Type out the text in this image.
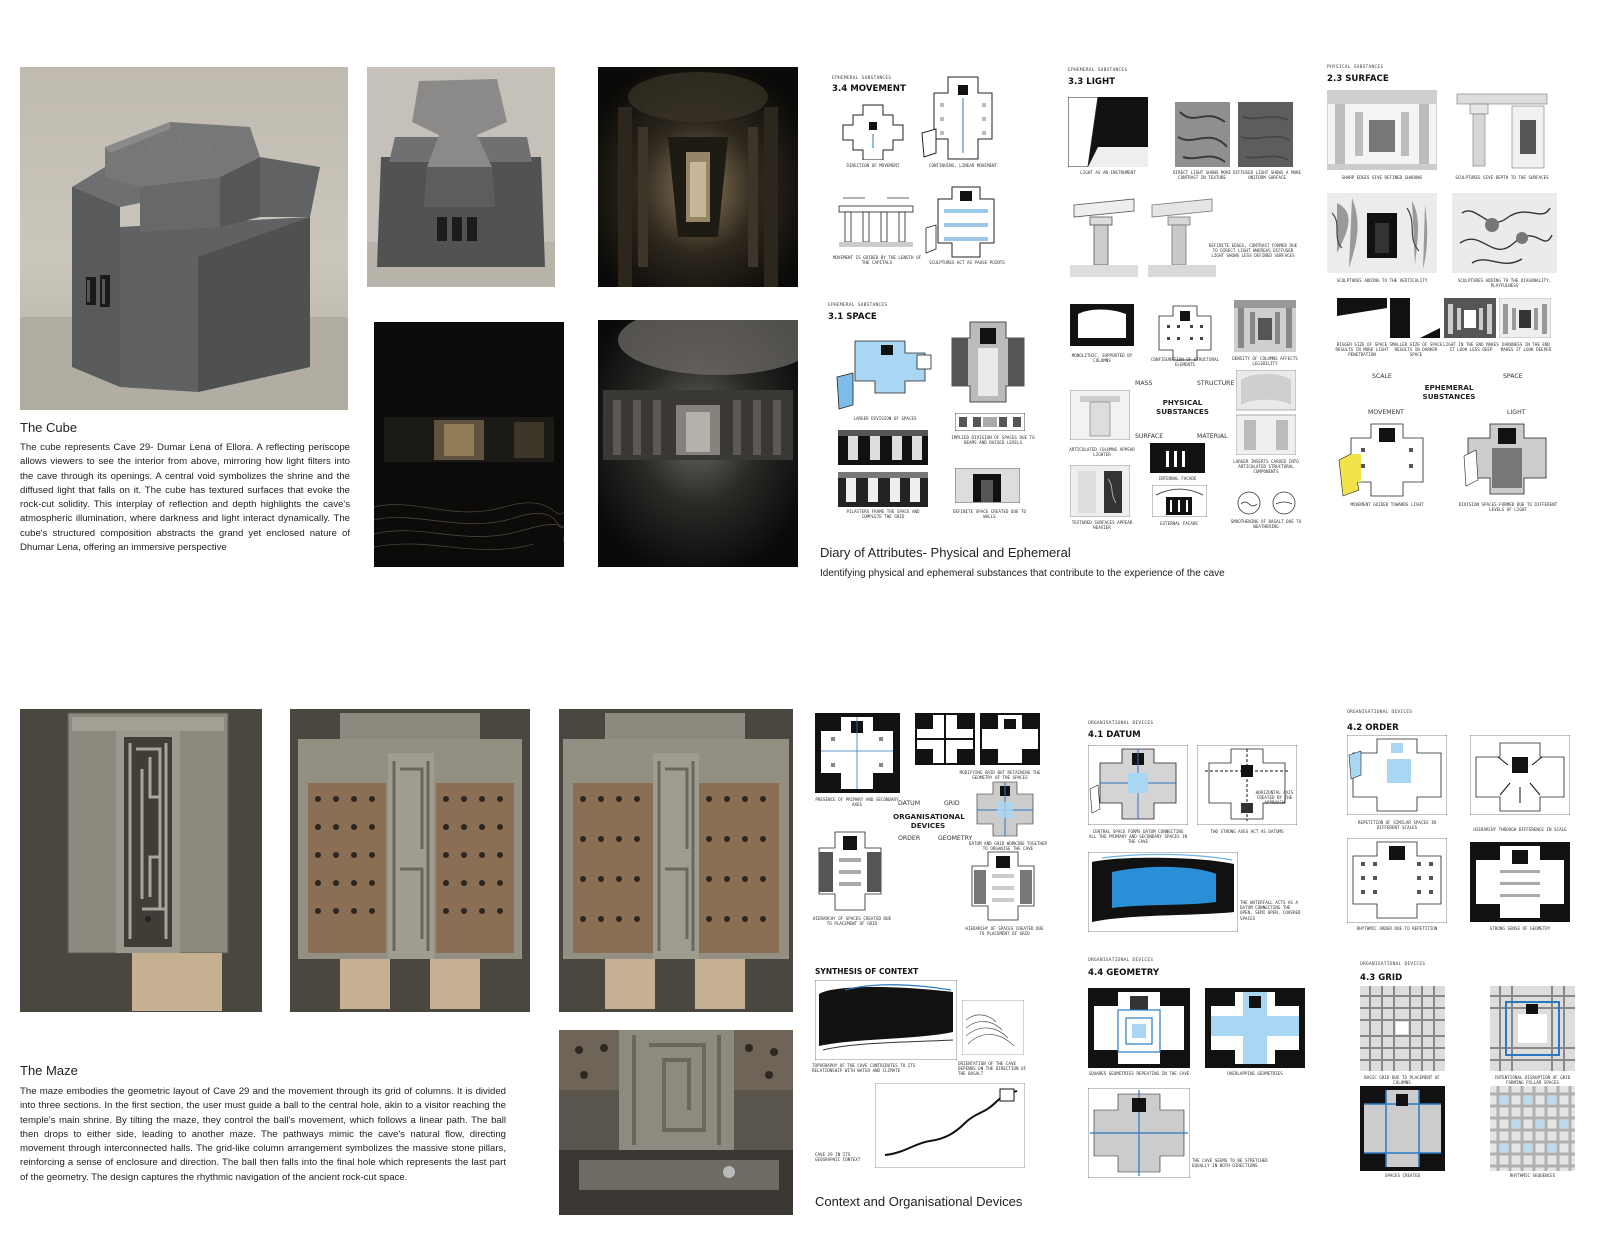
The Cube
The cube represents Cave 29- Dumar Lena of Ellora. A reflecting periscope allows viewers to see the interior from above, mirroring how light filters into the cave through its openings. A central void symbolizes the shrine and the diffused light that falls on it. The cube has textured surfaces that evoke the rock-cut solidity. This interplay of reflection and depth highlights the cave's atmospheric illumination, where darkness and light interact dynamically. The cube's structured composition abstracts the grand yet enclosed nature of Dhumar Lena, offering an immersive perspective
EPHEMERAL SUBSTANCES
3.4 MOVEMENT
DIRECTION OF MOVEMENT	CONTINUING, LINEAR MOVEMENT
MOVEMENT IS GUIDED BY THE LENGTH OF THE CAPITALS	SCULPTURES ACT AS PAUSE POINTS
EPHEMERAL SUBSTANCES
3.3 LIGHT
LIGHT AS AN INSTRUMENT	DIRECT LIGHT SHOWS MORE CONTRAST IN TEXTURE
DIFFUSED LIGHT SHOWS A MORE UNIFORM SURFACE
DEFINITE EDGES, CONTRAST FORMED DUE TO DIRECT LIGHT WHEREAS DIFFUSED LIGHT SHOWS LESS DEFINED SURFACES
PHYSICAL SUBSTANCES
2.3 SURFACE
SHARP EDGES GIVE DEFINED SHADOWS	SCULPTURES GIVE DEPTH TO THE SURFACES
SCULPTURES ADDING TO THE VERTICALITY	SCULPTURES ADDING TO THE DIAGONALITY, PLAYFULNESS
EPHEMERAL SUBSTANCES
3.1 SPACE
LARGER DIVISION OF SPACES
IMPLIED DIVISION OF SPACES DUE TO BEAMS AND RAISED LEVELS
PILASTERS FRAME THE SPACE AND COMPLETE THE GRID
DEFINITE SPACE CREATED DUE TO WALLS
MONOLITHIC, SUPPORTED BY COLUMNS	CONFIGURATION OF STRUCTURAL ELEMENTS
DENSITY OF COLUMNS AFFECTS LEGIBILITY
MASS	STRUCTURE
PHYSICAL SUBSTANCES
SURFACE	MATERIAL
ARTICULATED COLUMNS APPEAR LIGHTER
INTERNAL FACADE
LARGER INSERTS CARVED INTO ARTICULATED STRUCTURAL COMPONENTS
TEXTURED SURFACES APPEAR HEAVIER
EXTERNAL FACADE	SMOOTHENING OF BASALT DUE TO WEATHERING
BIGGER SIZE OF SPACE RESULTS IN MORE LIGHT PENETRATION
SMALLER SIZE OF SPACE RESULTS IN DARKER SPACE
LIGHT IN THE END MAKES IT LOOK LESS DEEP
DARKNESS IN THE END MAKES IT LOOK DEEPER
SCALE	SPACE
EPHEMERAL SUBSTANCES
MOVEMENT	LIGHT
MOVEMENT GUIDED TOWARDS LIGHT	DIVISION SPACES FORMED DUE TO DIFFERENT LEVELS OF LIGHT
Diary of Attributes- Physical and Ephemeral
Identifying physical and ephemeral substances that contribute to the experience of the cave
The Maze
The maze embodies the geometric layout of Cave 29 and the movement through its grid of columns. It is divided into three sections. In the first section, the user must guide a ball to the central hole, akin to a visitor reaching the temple's main shrine. By tilting the maze, they control the ball's movement, which follows a linear path. The ball then drops to either side, leading to another maze. The pathways mimic the cave's natural flow, directing movement through interconnected halls. The grid-like column arrangement symbolizes the massive stone pillars, reinforcing a sense of enclosure and direction. The ball then falls into the final hole which represents the last part of the geometry. The design captures the rhythmic navigation of the ancient rock-cut space.
PRESENCE OF PRIMARY AND SECONDARY AXES
MODIFYING GRID BUT RETAINING THE GEOMETRY OF THE SPACES
DATUM	GRID
ORGANISATIONAL DEVICES
ORDER	GEOMETRY
DATUM AND GRID WORKING TOGETHER TO ORGANISE THE CAVE
HIERARCHY OF SPACES CREATED DUE TO PLACEMENT OF GRID
HIERARCHY OF SPACES CREATED DUE TO PLACEMENT OF GRID
SYNTHESIS OF CONTEXT
TOPOGRAPHY OF THE CAVE CONTRIBUTES TO ITS RELATIONSHIP WITH WATER AND CLIMATE
ORIENTATION OF THE CAVE DEPENDS ON THE DIRECTION OF THE BASALT
CAVE 29 IN ITS GEOGRAPHIC CONTEXT
Context and Organisational Devices
ORGANISATIONAL DEVICES
4.1 DATUM
CENTRAL SPACE FORMS DATUM CONNECTING ALL THE PRIMARY AND SECONDARY SPACES IN THE CAVE
HORIZONTAL AXIS CREATED BY THE APPROACH
TWO STRONG AXES ACT AS DATUMS
THE WATERFALL ACTS AS A DATUM CONNECTING THE OPEN, SEMI OPEN, COVERED SPACES
ORGANISATIONAL DEVICES
4.2 ORDER
REPETITION OF SIMILAR SPACES IN DIFFERENT SCALES	HIERARCHY THROUGH DIFFERENCE IN SCALE
RHYTHMIC ORDER DUE TO REPETITION	STRONG SENSE OF GEOMETRY
ORGANISATIONAL DEVICES
4.4 GEOMETRY
SQUARES GEOMETRIES REPEATING IN THE CAVE	OVERLAPPING GEOMETRIES
THE CAVE SEEMS TO BE STRETCHED EQUALLY IN BOTH DIRECTIONS
ORGANISATIONAL DEVICES
4.3 GRID
BASIC GRID DUE TO PLACEMENT OF COLUMNS
INTENTIONAL DISRUPTION OF GRID FORMING PILLAR SPACES
SPACES CREATED	RHYTHMIC SEQUENCES
